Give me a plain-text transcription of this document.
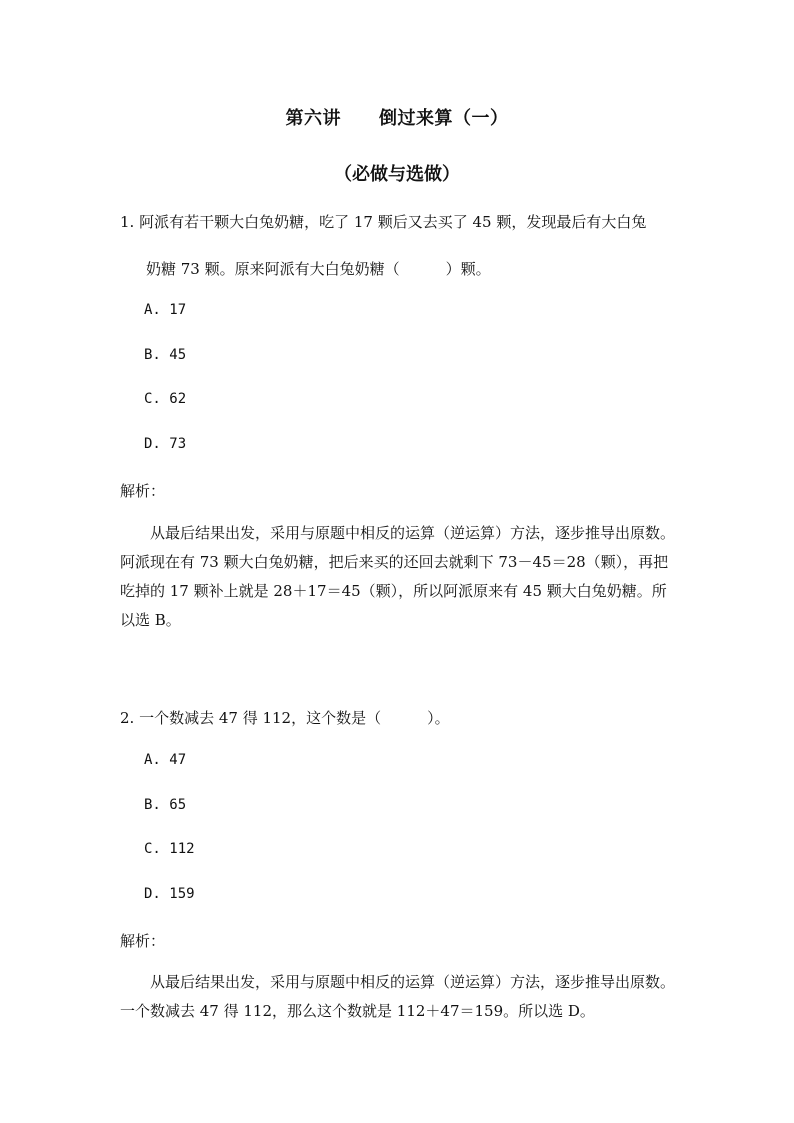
第六讲 倒过来算（一）
（必做与选做）
1. 阿派有若干颗大白兔奶糖，吃了 17 颗后又去买了 45 颗，发现最后有大白兔
奶糖 73 颗。原来阿派有大白兔奶糖（	）颗。
A. 17
B. 45
C. 62
D. 73
解析：

从最后结果出发，采用与原题中相反的运算（逆运算）方法，逐步推导出原数。阿派现在有 73 颗大白兔奶糖，把后来买的还回去就剩下 73－45＝28（颗），再把吃掉的 17 颗补上就是 28＋17＝45（颗），所以阿派原来有 45 颗大白兔奶糖。所以选 B。

2. 一个数减去 47 得 112，这个数是（	）。
A. 47
B. 65
C. 112
D. 159
解析：

从最后结果出发，采用与原题中相反的运算（逆运算）方法，逐步推导出原数。一个数减去 47 得 112，那么这个数就是 112＋47＝159。所以选 D。
